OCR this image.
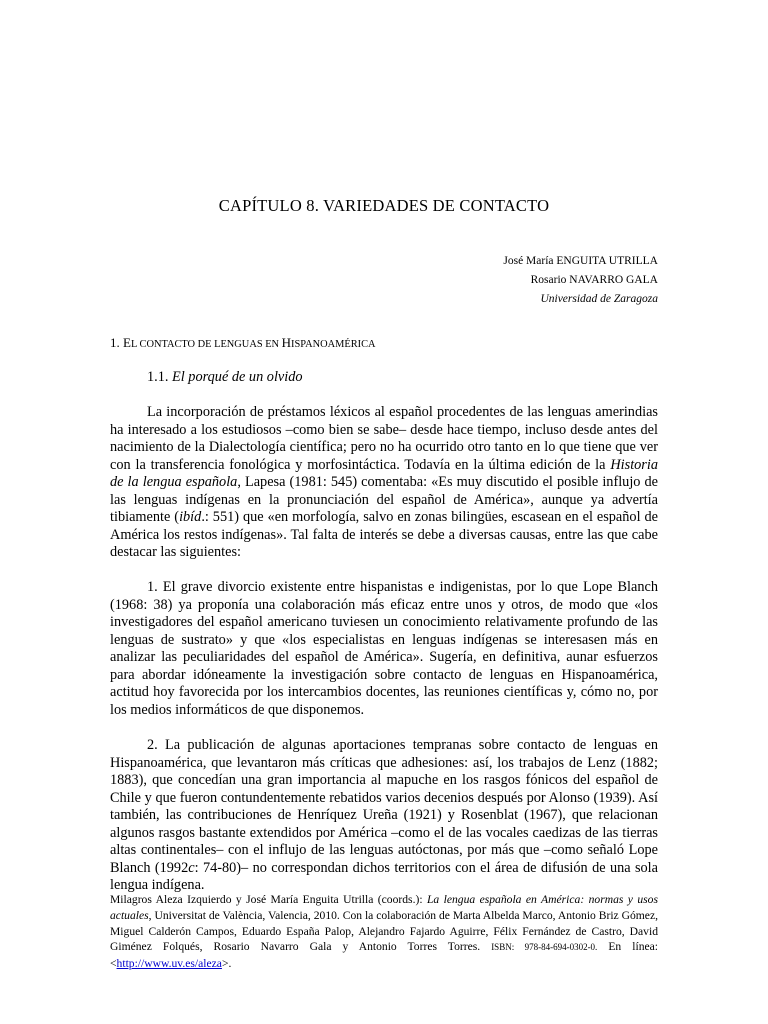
CAPÍTULO 8. VARIEDADES DE CONTACTO
José María ENGUITA UTRILLA
Rosario NAVARRO GALA
Universidad de Zaragoza
1. EL CONTACTO DE LENGUAS EN HISPANOAMÉRICA
1.1. El porqué de un olvido

La incorporación de préstamos léxicos al español procedentes de las lenguas amerindias ha interesado a los estudiosos –como bien se sabe– desde hace tiempo, incluso desde antes del nacimiento de la Dialectología científica; pero no ha ocurrido otro tanto en lo que tiene que ver con la transferencia fonológica y morfosintáctica. Todavía en la última edición de la Historia de la lengua española, Lapesa (1981: 545) comentaba: «Es muy discutido el posible influjo de las lenguas indígenas en la pronunciación del español de América», aunque ya advertía tibiamente (ibíd.: 551) que «en morfología, salvo en zonas bilingües, escasean en el español de América los restos indígenas». Tal falta de interés se debe a diversas causas, entre las que cabe destacar las siguientes:

1. El grave divorcio existente entre hispanistas e indigenistas, por lo que Lope Blanch (1968: 38) ya proponía una colaboración más eficaz entre unos y otros, de modo que «los investigadores del español americano tuviesen un conocimiento relativamente profundo de las lenguas de sustrato» y que «los especialistas en lenguas indígenas se interesasen más en analizar las peculiaridades del español de América». Sugería, en definitiva, aunar esfuerzos para abordar idóneamente la investigación sobre contacto de lenguas en Hispanoamérica, actitud hoy favorecida por los intercambios docentes, las reuniones científicas y, cómo no, por los medios informáticos de que disponemos.

2. La publicación de algunas aportaciones tempranas sobre contacto de lenguas en Hispanoamérica, que levantaron más críticas que adhesiones: así, los trabajos de Lenz (1882; 1883), que concedían una gran importancia al mapuche en los rasgos fónicos del español de Chile y que fueron contundentemente rebatidos varios decenios después por Alonso (1939). Así también, las contribuciones de Henríquez Ureña (1921) y Rosenblat (1967), que relacionan algunos rasgos bastante extendidos por América –como el de las vocales caedizas de las tierras altas continentales– con el influjo de las lenguas autóctonas, por más que –como señaló Lope Blanch (1992c: 74-80)– no correspondan dichos territorios con el área de difusión de una sola lengua indígena.

Milagros Aleza Izquierdo y José María Enguita Utrilla (coords.): La lengua española en América: normas y usos actuales, Universitat de València, Valencia, 2010. Con la colaboración de Marta Albelda Marco, Antonio Briz Gómez, Miguel Calderón Campos, Eduardo España Palop, Alejandro Fajardo Aguirre, Félix Fernández de Castro, David Giménez Folqués, Rosario Navarro Gala y Antonio Torres Torres. ISBN: 978-84-694-0302-0. En línea: <http://www.uv.es/aleza>.
